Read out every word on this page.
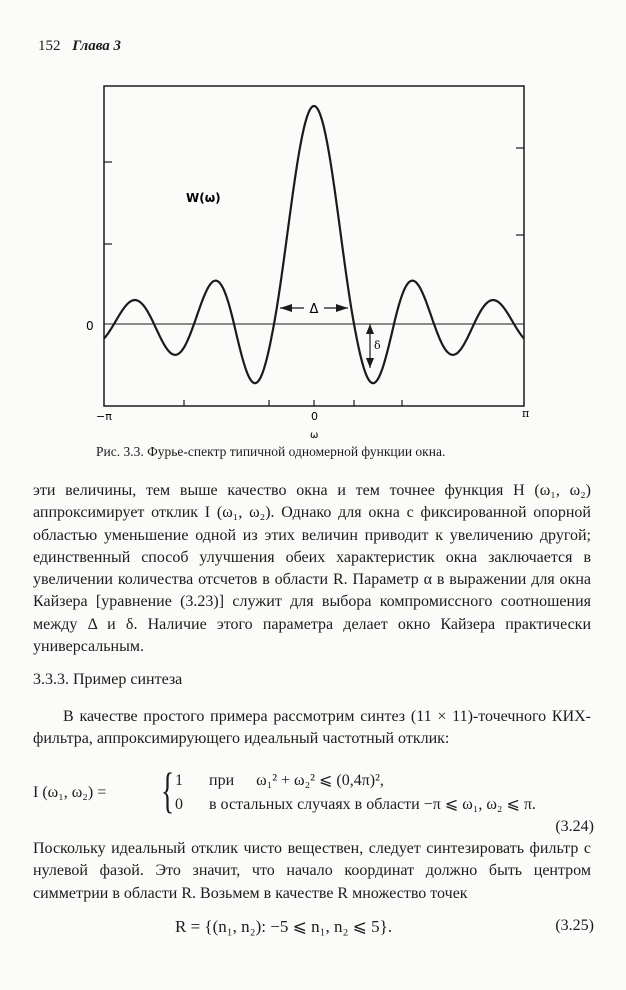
152 Глава 3
Δ
δ
W(ω)
0
−π	0	π
ω
Рис. 3.3. Фурье-спектр типичной одномерной функции окна.
эти величины, тем выше качество окна и тем точнее функция H (ω₁, ω₂) аппроксимирует отклик I (ω₁, ω₂). Однако для окна с фиксированной опорной областью уменьшение одной из этих величин приводит к увеличению другой; единственный способ улучшения обеих характеристик окна заключается в увеличении количества отсчетов в области R. Параметр α в выражении для окна Кайзера [уравнение (3.23)] служит для выбора компромиссного соотношения между Δ и δ. Наличие этого параметра делает окно Кайзера практически универсальным.
3.3.3. Пример синтеза
В качестве простого примера рассмотрим синтез (11 × 11)-точечного КИХ-фильтра, аппроксимирующего идеальный частотный отклик:
I (ω₁, ω₂) = { 1 при ω₁² + ω₂² ⩽ (0,4π)²,
0 в остальных случаях в области −π ⩽ ω₁, ω₂ ⩽ π.
(3.24)
Поскольку идеальный отклик чисто веществен, следует синтезировать фильтр с нулевой фазой. Это значит, что начало координат должно быть центром симметрии в области R. Возьмем в качестве R множество точек
R = {(n₁, n₂): −5 ⩽ n₁, n₂ ⩽ 5}.	(3.25)
